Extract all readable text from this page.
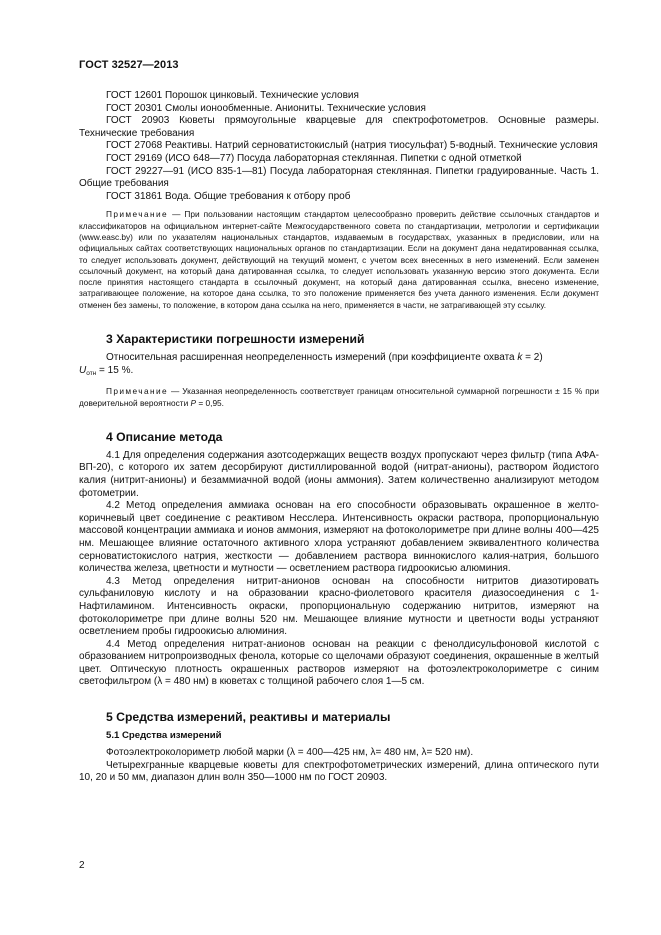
ГОСТ 32527—2013

ГОСТ 12601 Порошок цинковый. Технические условия

ГОСТ 20301 Смолы ионообменные. Аниониты. Технические условия

ГОСТ 20903 Кюветы прямоугольные кварцевые для спектрофотометров. Основные размеры. Технические требования

ГОСТ 27068 Реактивы. Натрий серноватистокислый (натрия тиосульфат) 5-водный. Технические условия

ГОСТ 29169 (ИСО 648—77) Посуда лабораторная стеклянная. Пипетки с одной отметкой

ГОСТ 29227—91 (ИСО 835-1—81) Посуда лабораторная стеклянная. Пипетки градуированные. Часть 1. Общие требования

ГОСТ 31861 Вода. Общие требования к отбору проб

Примечание — При пользовании настоящим стандартом целесообразно проверить действие ссылочных стандартов и классификаторов на официальном интернет-сайте Межгосударственного совета по стандартизации, метрологии и сертификации (www.easc.by) или по указателям национальных стандартов, издаваемым в государствах, указанных в предисловии, или на официальных сайтах соответствующих национальных органов по стандартизации. Если на документ дана недатированная ссылка, то следует использовать документ, действующий на текущий момент, с учетом всех внесенных в него изменений. Если заменен ссылочный документ, на который дана датированная ссылка, то следует использовать указанную версию этого документа. Если после принятия настоящего стандарта в ссылочный документ, на который дана датированная ссылка, внесено изменение, затрагивающее положение, на которое дана ссылка, то это положение применяется без учета данного изменения. Если документ отменен без замены, то положение, в котором дана ссылка на него, применяется в части, не затрагивающей эту ссылку.

3 Характеристики погрешности измерений

Относительная расширенная неопределенность измерений (при коэффициенте охвата k = 2)
$U_{отн} = 15$ %.

Примечание — Указанная неопределенность соответствует границам относительной суммарной погрешности ± 15 % при доверительной вероятности P = 0,95.

4 Описание метода

4.1 Для определения содержания азотсодержащих веществ воздух пропускают через фильтр (типа АФА-ВП-20), с которого их затем десорбируют дистиллированной водой (нитрат-анионы), раствором йодистого калия (нитрит-анионы) и безаммиачной водой (ионы аммония). Затем количественно анализируют методом фотометрии.

4.2 Метод определения аммиака основан на его способности образовывать окрашенное в желто-коричневый цвет соединение с реактивом Несслера. Интенсивность окраски раствора, пропорциональную массовой концентрации аммиака и ионов аммония, измеряют на фотоколориметре при длине волны 400—425 нм. Мешающее влияние остаточного активного хлора устраняют добавлением эквивалентного количества серноватистокислого натрия, жесткости — добавлением раствора виннокислого калия-натрия, большого количества железа, цветности и мутности — осветлением раствора гидроокисью алюминия.

4.3 Метод определения нитрит-анионов основан на способности нитритов диазотировать сульфаниловую кислоту и на образовании красно-фиолетового красителя диазосоединения с 1-Нафтиламином. Интенсивность окраски, пропорциональную содержанию нитритов, измеряют на фотоколориметре при длине волны 520 нм. Мешающее влияние мутности и цветности воды устраняют осветлением пробы гидроокисью алюминия.

4.4 Метод определения нитрат-анионов основан на реакции с фенолдисульфоновой кислотой с образованием нитропроизводных фенола, которые со щелочами образуют соединения, окрашенные в желтый цвет. Оптическую плотность окрашенных растворов измеряют на фотоэлектроколориметре с синим светофильтром (λ = 480 нм) в кюветах с толщиной рабочего слоя 1—5 см.

5 Средства измерений, реактивы и материалы

5.1 Средства измерений

Фотоэлектроколориметр любой марки (λ = 400—425 нм, λ= 480 нм, λ= 520 нм).

Четырехгранные кварцевые кюветы для спектрофотометрических измерений, длина оптического пути 10, 20 и 50 мм, диапазон длин волн 350—1000 нм по ГОСТ 20903.

2
